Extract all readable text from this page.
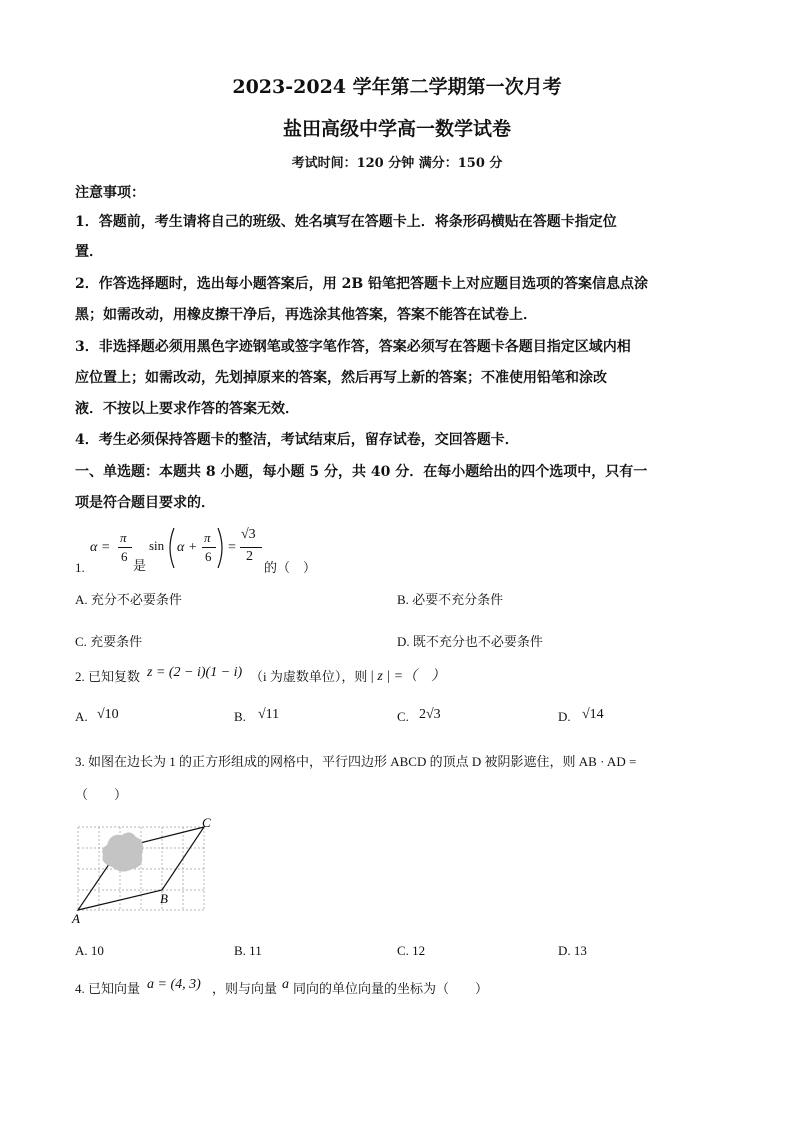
2023-2024 学年第二学期第一次月考
盐田高级中学高一数学试卷
考试时间：120 分钟 满分：150 分
注意事项：
1．答题前，考生请将自己的班级、姓名填写在答题卡上．将条形码横贴在答题卡指定位
置．
2．作答选择题时，选出每小题答案后，用 2B 铅笔把答题卡上对应题目选项的答案信息点涂
黑；如需改动，用橡皮擦干净后，再选涂其他答案，答案不能答在试卷上．
3．非选择题必须用黑色字迹钢笔或签字笔作答，答案必须写在答题卡各题目指定区域内相
应位置上；如需改动，先划掉原来的答案，然后再写上新的答案；不准使用铅笔和涂改
液．不按以上要求作答的答案无效．
4．考生必须保持答题卡的整洁，考试结束后，留存试卷，交回答题卡．
一、单选题：本题共 8 小题，每小题 5 分，共 40 分．在每小题给出的四个选项中，只有一
项是符合题目要求的．
1.
α =
π
6
是
sin α +
π
6
=
√3
2
的（　）
A. 充分不必要条件	B. 必要不充分条件
C. 充要条件	D. 既不充分也不必要条件
2. 已知复数 z = (2 − i)(1 − i) （i 为虚数单位），则 | z | =（　）
A. √10	B. √11	C. 2√3	D. √14
3. 如图在边长为 1 的正方形组成的网格中，平行四边形 ABCD 的顶点 D 被阴影遮住，则 AB · AD =
（　　）
A
B
C
A. 10	B. 11	C. 12	D. 13
4. 已知向量 a = (4, 3) ，则与向量 a 同向的单位向量的坐标为（　　）
